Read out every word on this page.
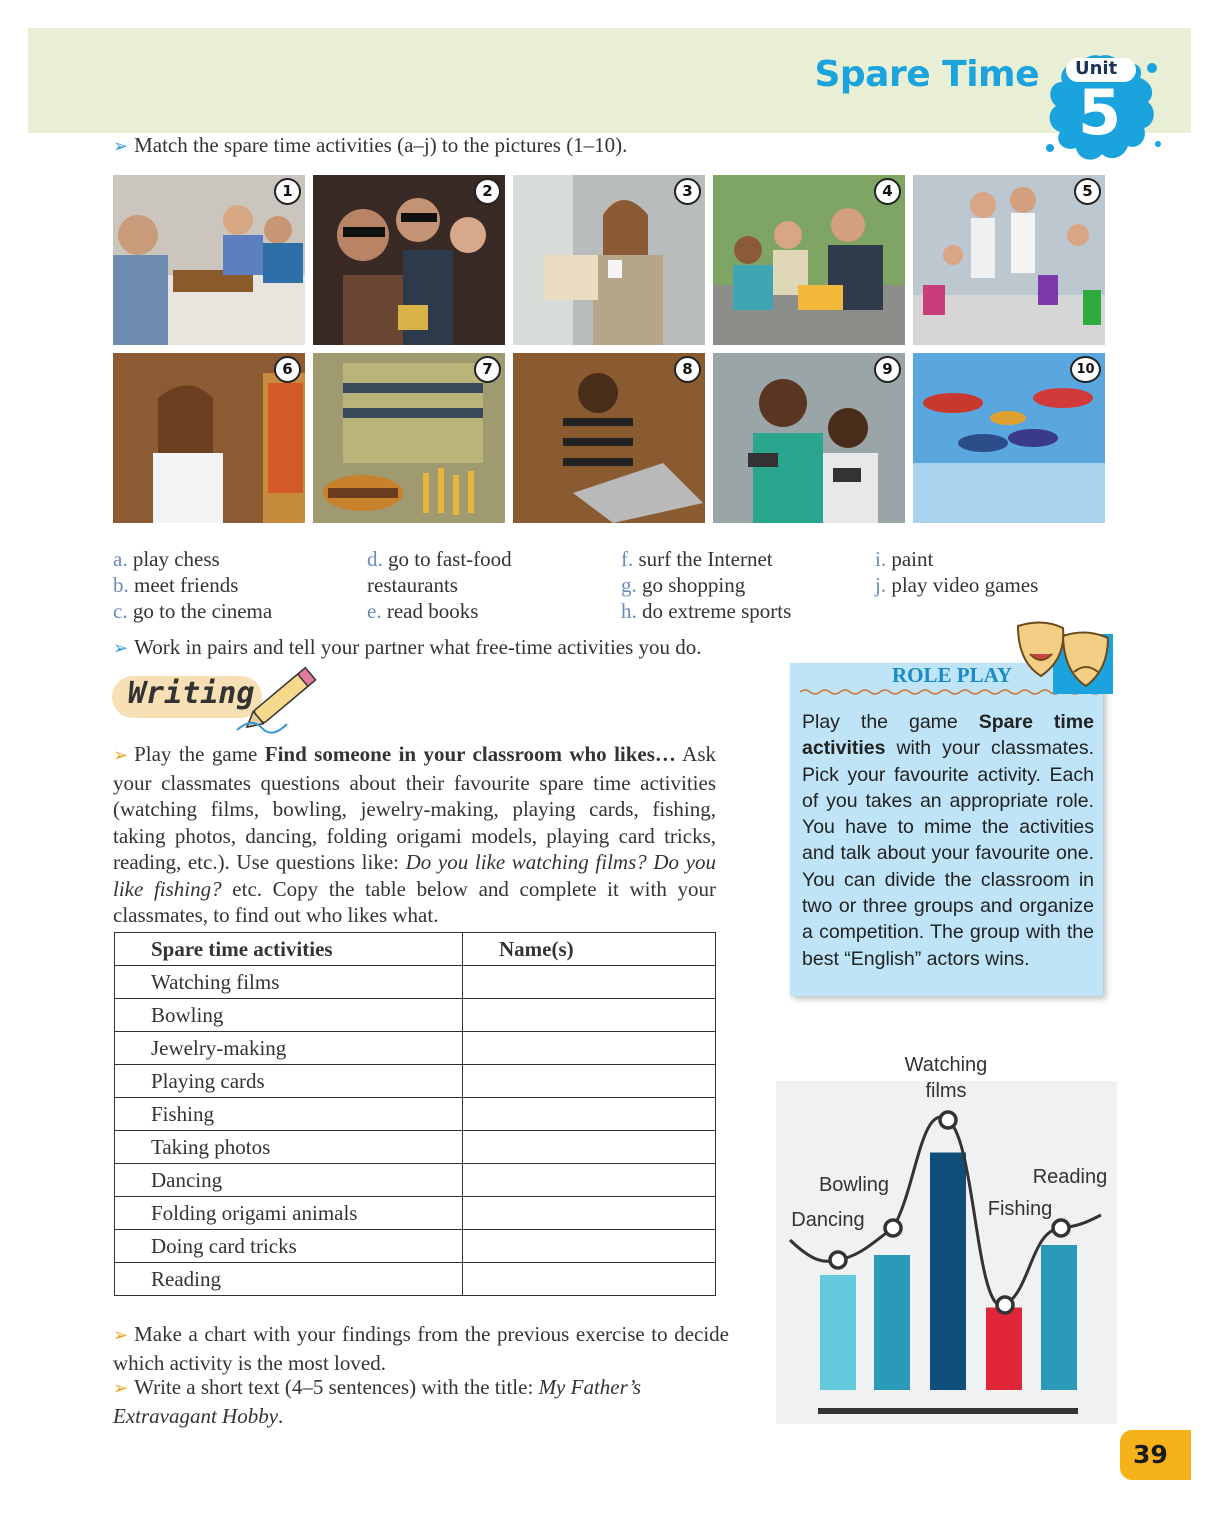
Spare Time Unit
5
➢ Match the spare time activities (a–j) to the pictures (1–10).
1	2	3	4	5
6	7	8	9	10
a. play chess
b. meet friends
c. go to the cinema
d. go to fast-food
restaurants
e. read books
f. surf the Internet
g. go shopping
h. do extreme sports
i. paint
j. play video games
➢ Work in pairs and tell your partner what free-time activities you do.
Writing
➢ Play the game Find someone in your classroom who likes… Ask your classmates questions about their favourite spare time activities (watching films, bowling, jewelry-making, playing cards, fishing, taking photos, dancing, folding origami models, playing card tricks, reading, etc.). Use questions like: Do you like watching films? Do you like fishing? etc. Copy the table below and complete it with your classmates, to find out who likes what.
Spare time activities	Name(s)
Watching films	
Bowling	
Jewelry-making	
Playing cards	
Fishing	
Taking photos	
Dancing	
Folding origami animals	
Doing card tricks	
Reading	
➢ Make a chart with your findings from the previous exercise to decide which activity is the most loved.
➢ Write a short text (4–5 sentences) with the title: My Father’s Extravagant Hobby.
ROLE PLAY
Play the game Spare time activities with your classmates. Pick your favourite activity. Each of you takes an appropriate role. You have to mime the activities and talk about your favourite one. You can divide the classroom in two or three groups and organize a competition. The group with the best “English” actors wins.
Dancing
Bowling
Watching
films
Fishing
Reading
39
